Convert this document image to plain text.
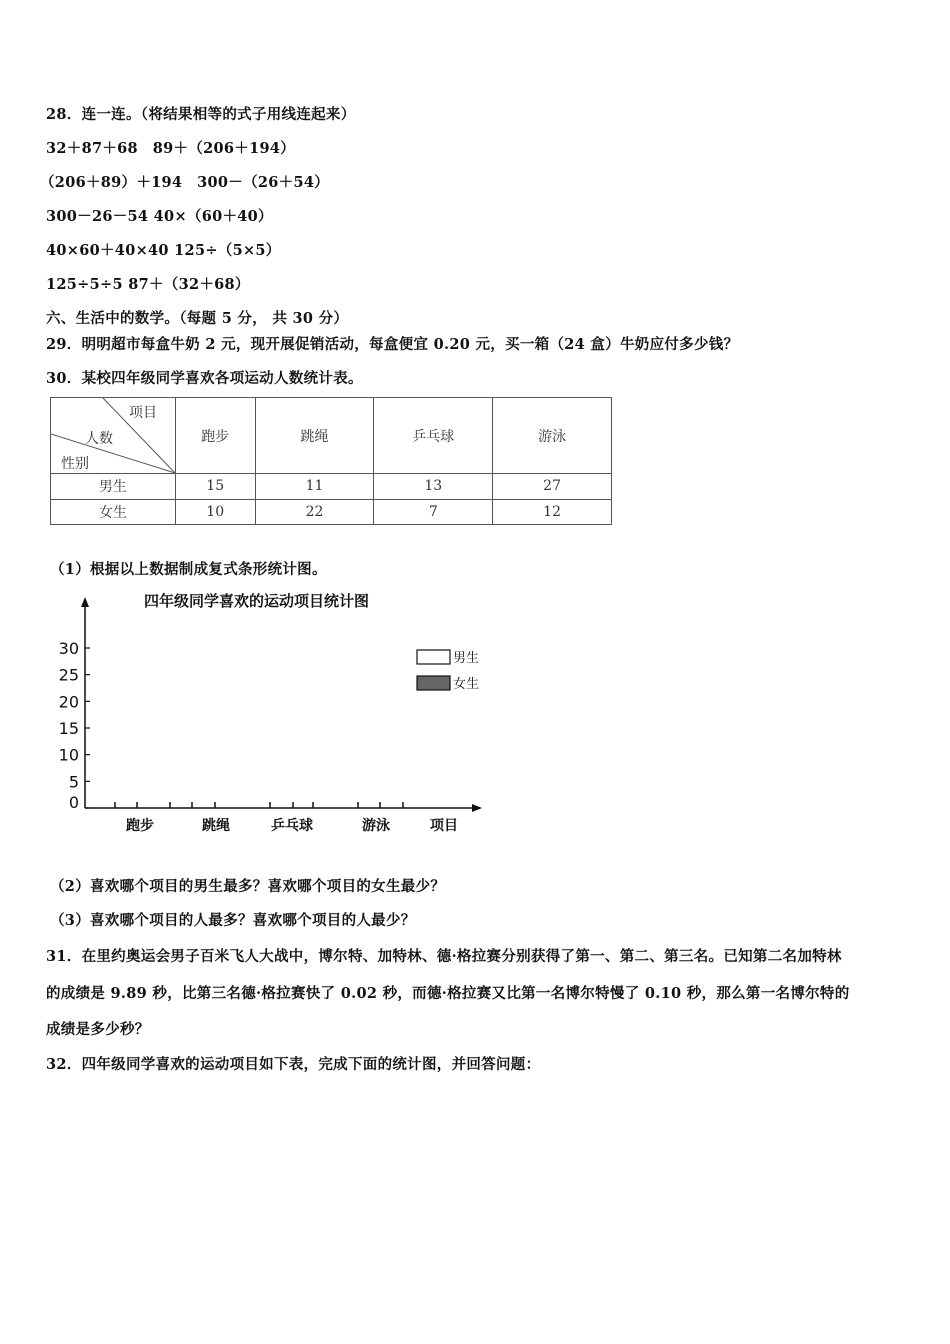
28．连一连。（将结果相等的式子用线连起来）
32＋87＋68　89＋（206＋194）
（206＋89）＋194　300－（26＋54）
300－26－54 40×（60＋40）
40×60＋40×40 125÷（5×5）
125÷5÷5 87＋（32＋68）
六、生活中的数学。（每题 5 分， 共 30 分）
29．明明超市每盒牛奶 2 元，现开展促销活动，每盒便宜 0.20 元，买一箱（24 盒）牛奶应付多少钱？
30．某校四年级同学喜欢各项运动人数统计表。
项目
人数
性别	跑步	跳绳	乒乓球	游泳
男生	15	11	13	27
女生	10	22	7	12
（1）根据以上数据制成复式条形统计图。
四年级同学喜欢的运动项目统计图
0
5
10
15
20
25
30
跑步	跳绳	乒乓球	游泳	项目
男生
女生
（2）喜欢哪个项目的男生最多？喜欢哪个项目的女生最少？
（3）喜欢哪个项目的人最多？喜欢哪个项目的人最少？
31．在里约奥运会男子百米飞人大战中，博尔特、加特林、德·格拉赛分别获得了第一、第二、第三名。已知第二名加特林
的成绩是 9.89 秒，比第三名德·格拉赛快了 0.02 秒，而德·格拉赛又比第一名博尔特慢了 0.10 秒，那么第一名博尔特的
成绩是多少秒？
32．四年级同学喜欢的运动项目如下表，完成下面的统计图，并回答问题：
